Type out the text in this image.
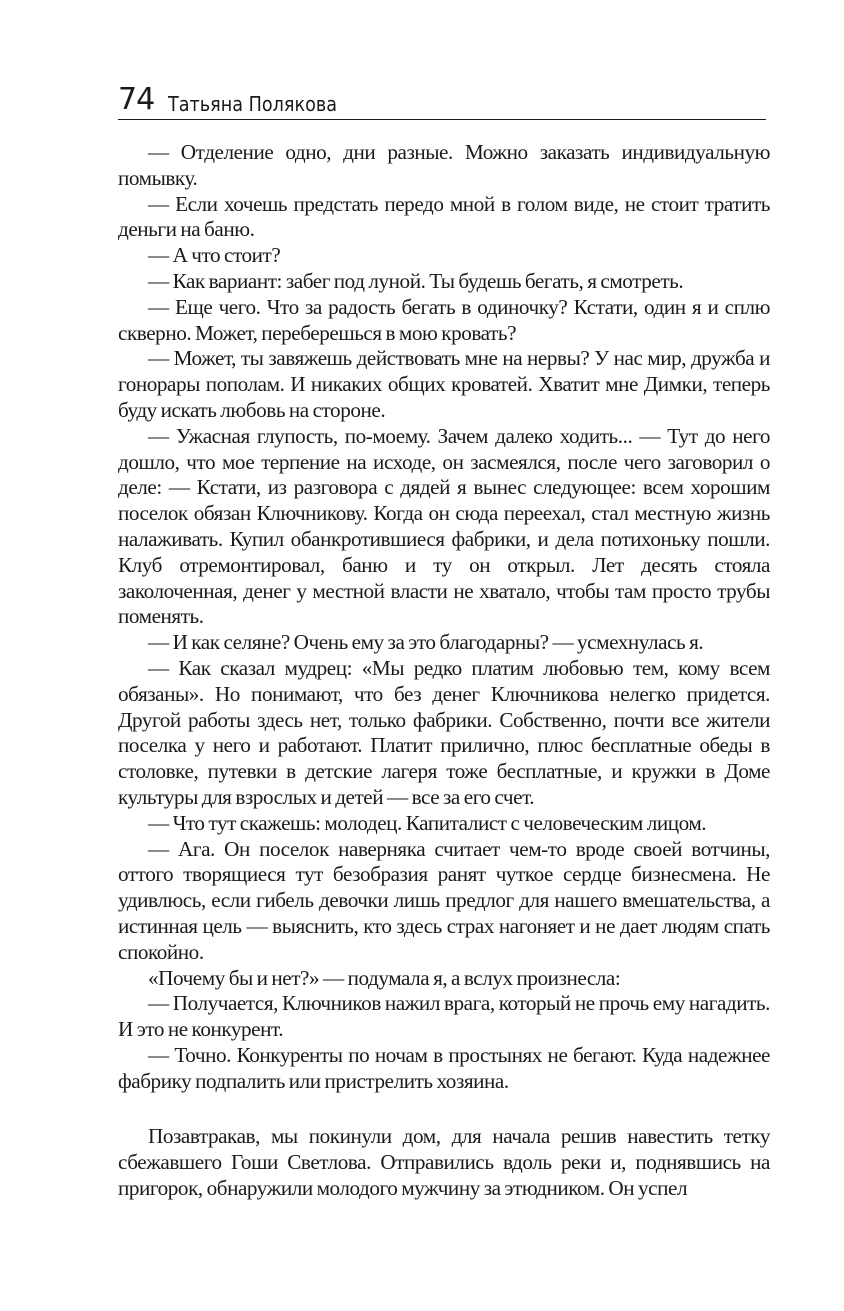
74 Татьяна Полякова

— Отделение одно, дни разные. Можно заказать индивидуальную помывку.

— Если хочешь предстать передо мной в голом виде, не стоит тратить деньги на баню.

— А что стоит?

— Как вариант: забег под луной. Ты будешь бегать, я смотреть.

— Еще чего. Что за радость бегать в одиночку? Кстати, один я и сплю скверно. Может, переберешься в мою кровать?

— Может, ты завяжешь действовать мне на нервы? У нас мир, дружба и гонорары пополам. И никаких общих кроватей. Хватит мне Димки, теперь буду искать любовь на стороне.

— Ужасная глупость, по-моему. Зачем далеко ходить... — Тут до него дошло, что мое терпение на исходе, он засмеялся, после чего заговорил о деле: — Кстати, из разговора с дядей я вынес следующее: всем хорошим поселок обязан Ключникову. Когда он сюда переехал, стал местную жизнь налаживать. Купил обанкротившиеся фабрики, и дела потихоньку пошли. Клуб отремонтировал, баню и ту он открыл. Лет десять стояла заколоченная, денег у местной власти не хватало, чтобы там просто трубы поменять.

— И как селяне? Очень ему за это благодарны? — усмехнулась я.

— Как сказал мудрец: «Мы редко платим любовью тем, кому всем обязаны». Но понимают, что без денег Ключникова нелегко придется. Другой работы здесь нет, только фабрики. Собственно, почти все жители поселка у него и работают. Платит прилично, плюс бесплатные обеды в столовке, путевки в детские лагеря тоже бесплатные, и кружки в Доме культуры для взрослых и детей — все за его счет.

— Что тут скажешь: молодец. Капиталист с человеческим лицом.

— Ага. Он поселок наверняка считает чем-то вроде своей вотчины, оттого творящиеся тут безобразия ранят чуткое сердце бизнесмена. Не удивлюсь, если гибель девочки лишь предлог для нашего вмешательства, а истинная цель — выяснить, кто здесь страх нагоняет и не дает людям спать спокойно.

«Почему бы и нет?» — подумала я, а вслух произнесла:

— Получается, Ключников нажил врага, который не прочь ему нагадить. И это не конкурент.

— Точно. Конкуренты по ночам в простынях не бегают. Куда надежнее фабрику подпалить или пристрелить хозяина.

Позавтракав, мы покинули дом, для начала решив навестить тетку сбежавшего Гоши Светлова. Отправились вдоль реки и, поднявшись на пригорок, обнаружили молодого мужчину за этюдником. Он успел
